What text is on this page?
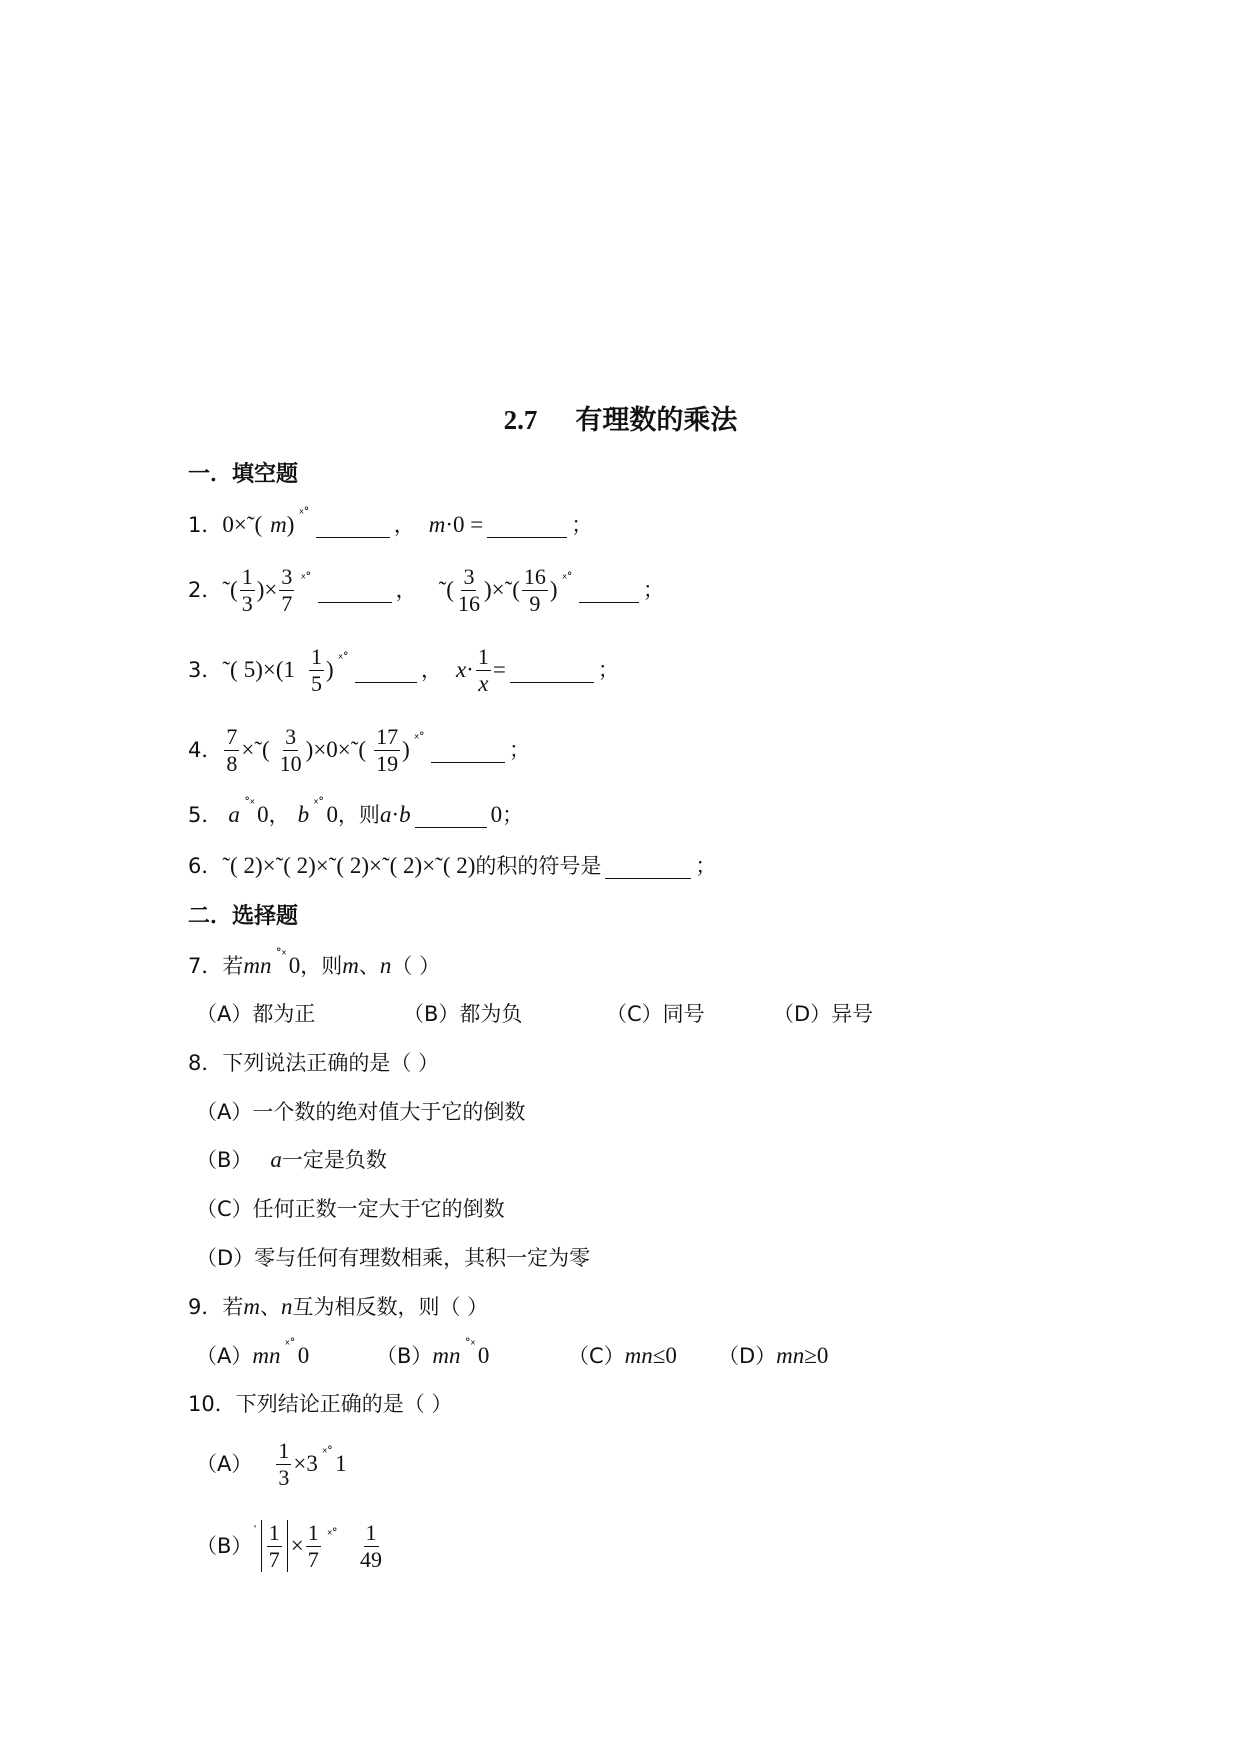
2.7 有理数的乘法
一．填空题
1． 0×˜( m ) ˣ˚	， m ·0 =	；
2． ˜( $\frac{1}{3}$ )× $\frac{3}{7}$ ˣ˚	， ˜( $\frac{3}{16}$ )×˜( $\frac{16}{9}$ ) ˣ˚	；
3． ˜( 5)×( $1 \frac{1}{5}$ ) ˣ˚	， $x \cdot \frac{1}{x}$ =	；
4． $\frac{7}{8}$ ×˜( $\frac{3}{10}$ )×0×˜( $\frac{17}{19}$ ) ˣ˚	；
5． a ˚ˣ 0 ， b ˣ˚ 0 ，则 a · b	0 ；
6． ˜( 2)×˜( 2)×˜( 2)×˜( 2)×˜( 2) 的积的符号是	；
二．选择题
7． 若 mn ˚ˣ 0 ，则 m 、 n （ ）
（A）都为正	（B）都为负	（C）同号	（D）异号
8． 下列说法正确的是（ ）
（A）一个数的绝对值大于它的倒数
（B） a 一定是负数
（C）任何正数一定大于它的倒数
（D）零与任何有理数相乘，其积一定为零
9． 若 m 、 n 互为相反数，则（ ）
（A） mn ˣ˚ 0	（B） mn ˚ˣ 0	（C） mn ≤0 （D） mn ≥0
10． 下列结论正确的是（ ）
$(A) \frac{1}{3} \times 3$ ˣ˚ 1
（B）
ˈ $\frac{1}{7} \times \frac{1}{7}$ ˣ˚ $\frac{1}{49}$
